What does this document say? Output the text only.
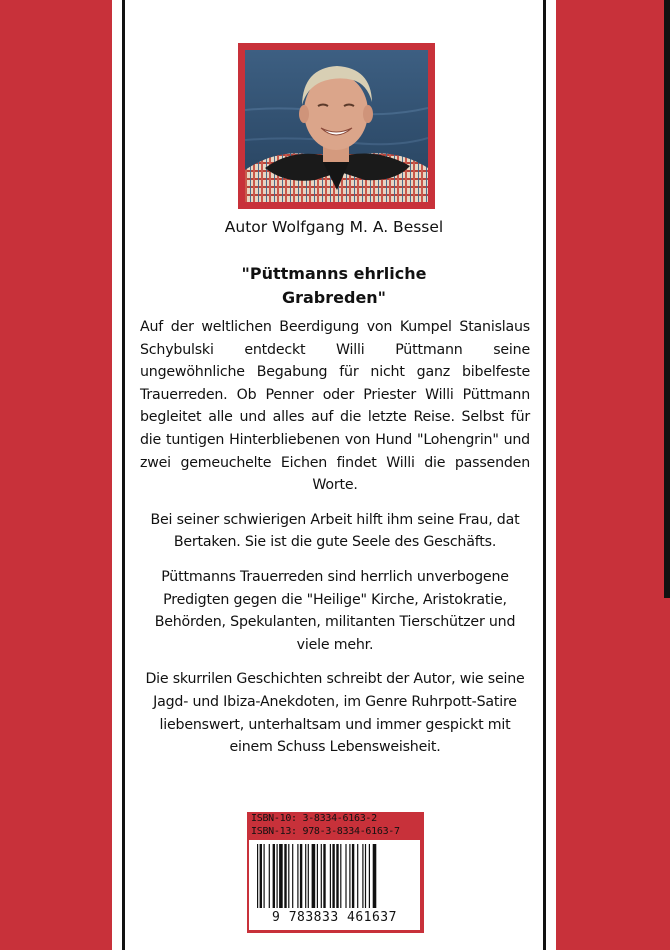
Autor Wolfgang M. A. Bessel
"Püttmanns ehrliche
Grabreden"

Auf der weltlichen Beerdigung von Kumpel Stanislaus Schybulski entdeckt Willi Püttmann seine ungewöhnliche Begabung für nicht ganz bibelfeste Trauerreden. Ob Penner oder Priester Willi Püttmann begleitet alle und alles auf die letzte Reise. Selbst für die tuntigen Hinterbliebenen von Hund "Lohengrin" und zwei gemeuchelte Eichen findet Willi die passenden Worte.

Bei seiner schwierigen Arbeit hilft ihm seine Frau, dat Bertaken. Sie ist die gute Seele des Geschäfts.

Püttmanns Trauerreden sind herrlich unverbogene Predigten gegen die "Heilige" Kirche, Aristokratie, Behörden, Spekulanten, militanten Tierschützer und viele mehr.

Die skurrilen Geschichten schreibt der Autor, wie seine Jagd- und Ibiza-Anekdoten, im Genre Ruhrpott-Satire liebenswert, unterhaltsam und immer gespickt mit einem Schuss Lebensweisheit.

ISBN-10: 3-8334-6163-2
ISBN-13: 978-3-8334-6163-7
9 783833 461637
